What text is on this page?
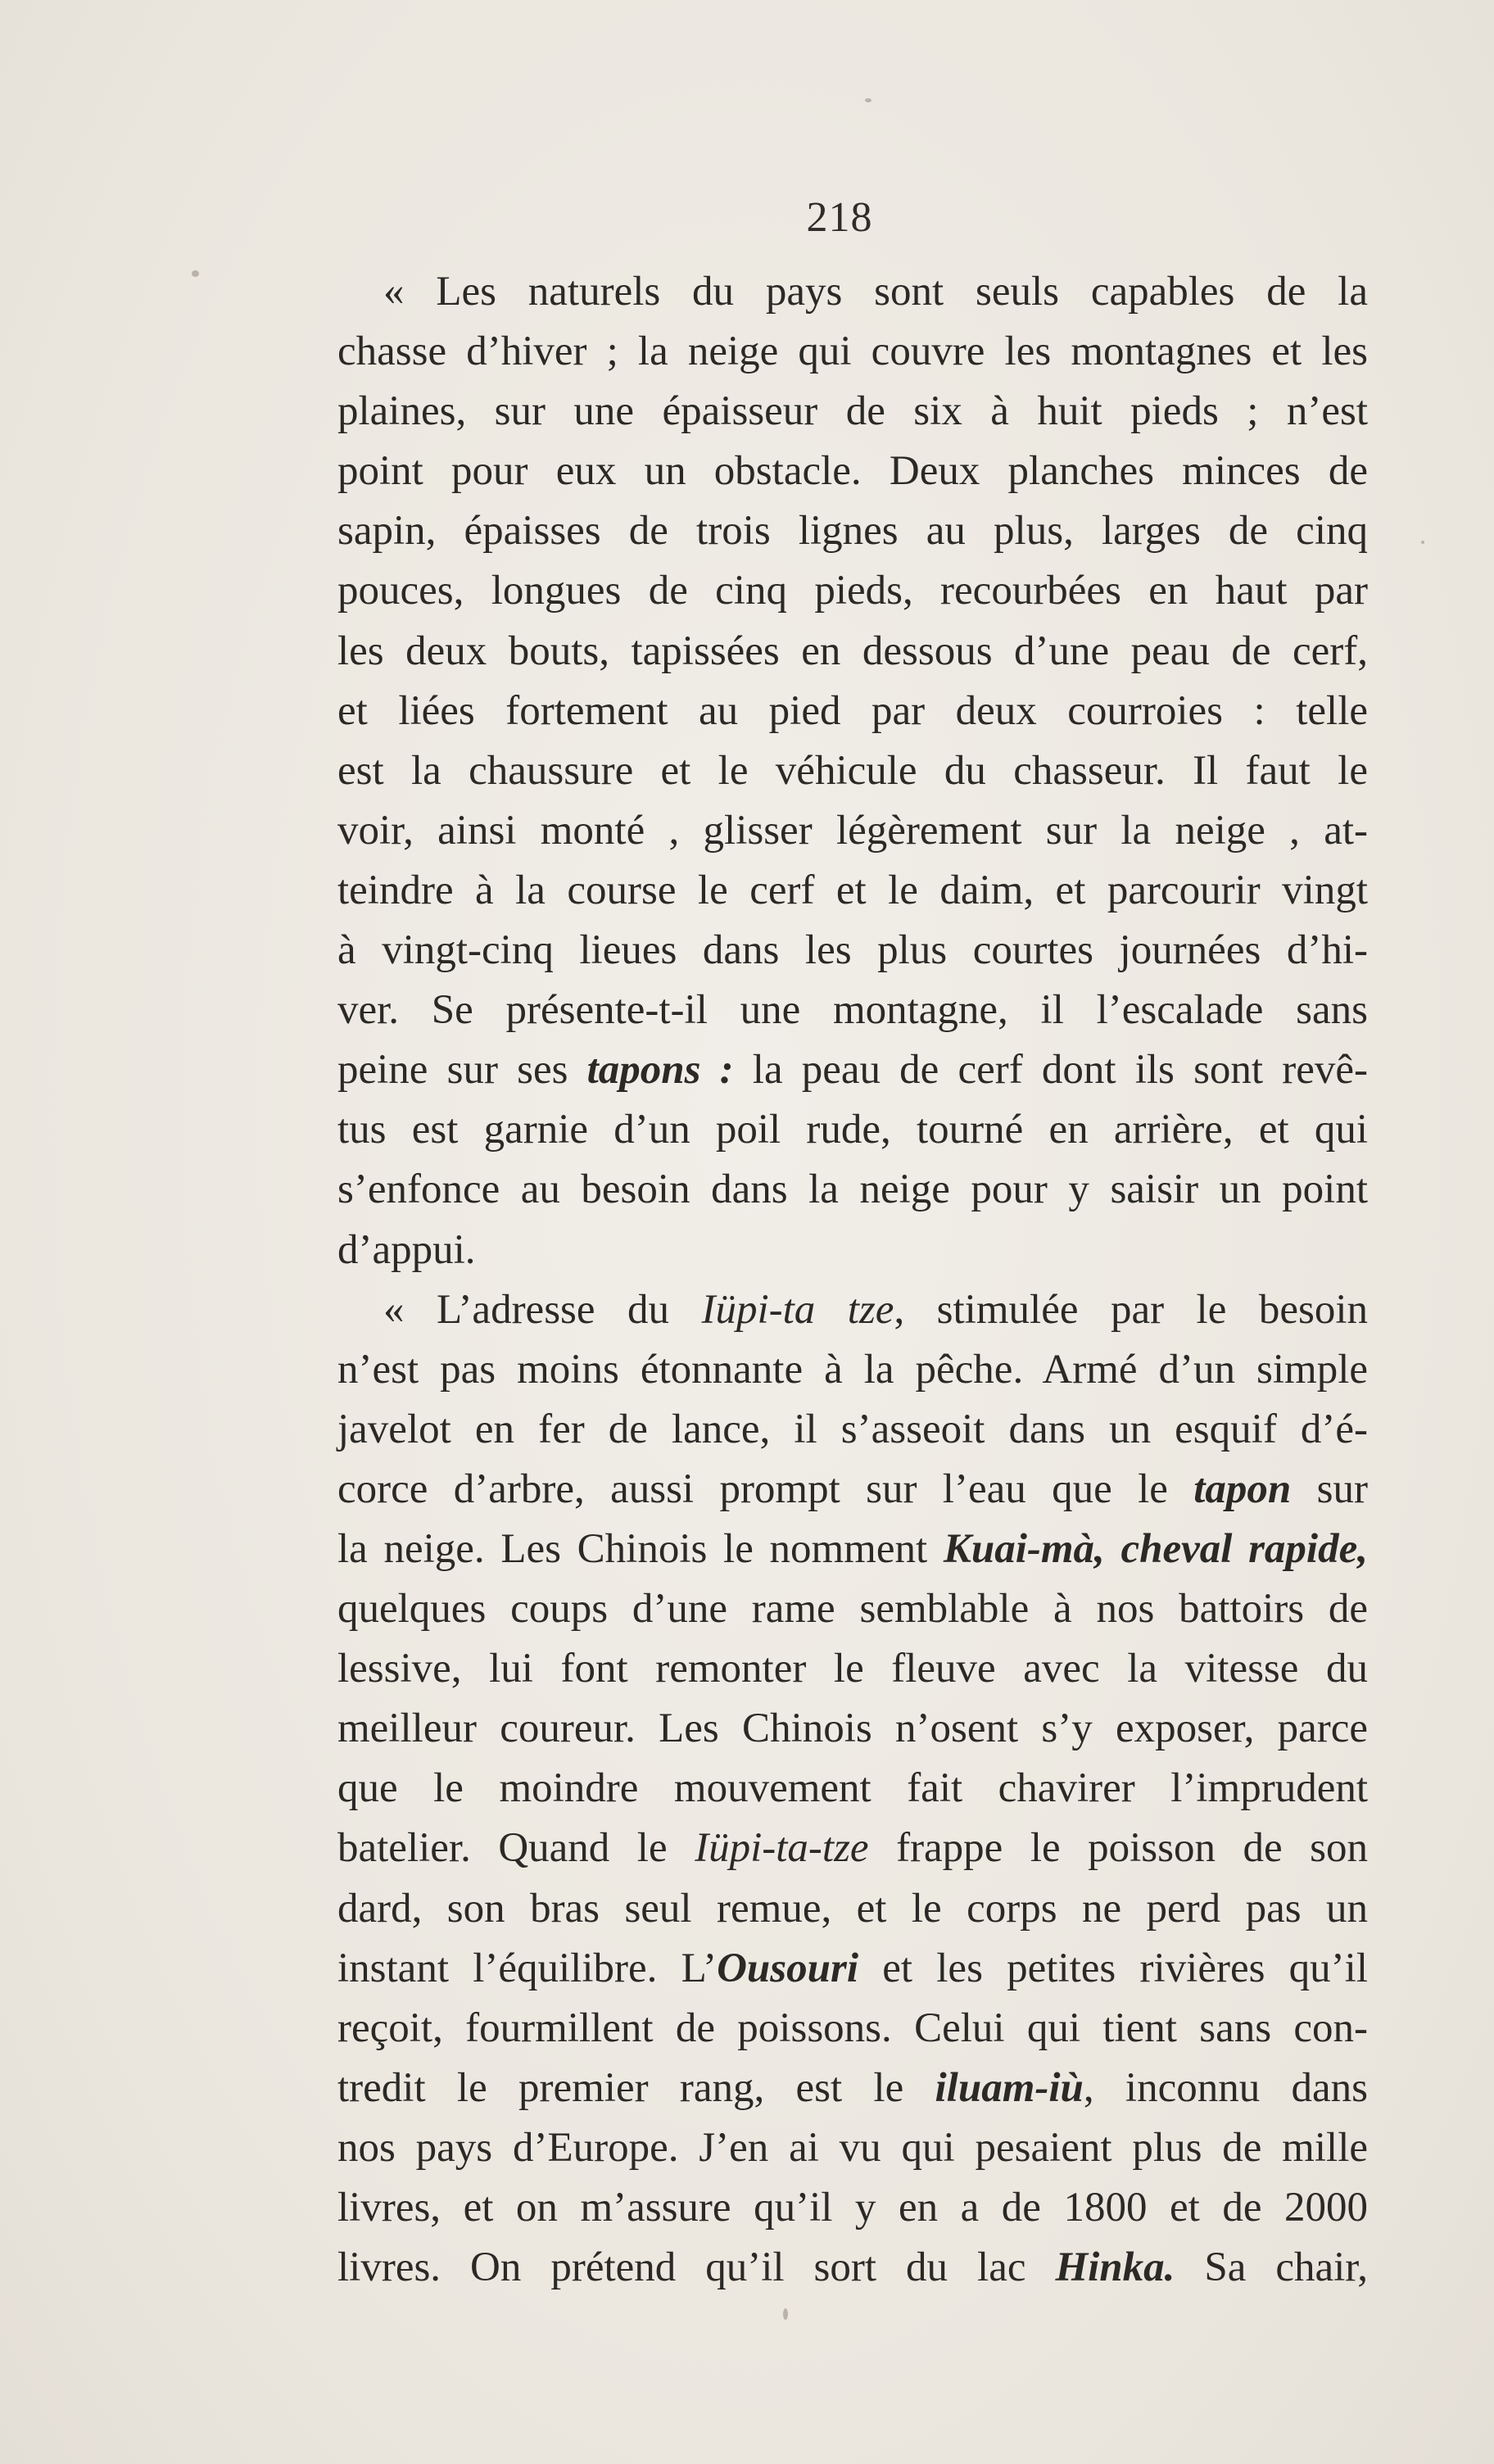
218
« Les naturels du pays sont seuls capables de la
chasse d’hiver ; la neige qui couvre les montagnes et les
plaines, sur une épaisseur de six à huit pieds ; n’est
point pour eux un obstacle. Deux planches minces de
sapin, épaisses de trois lignes au plus, larges de cinq
pouces, longues de cinq pieds, recourbées en haut par
les deux bouts, tapissées en dessous d’une peau de cerf,
et liées fortement au pied par deux courroies : telle
est la chaussure et le véhicule du chasseur. Il faut le
voir, ainsi monté , glisser légèrement sur la neige , at-
teindre à la course le cerf et le daim, et parcourir vingt
à vingt-cinq lieues dans les plus courtes journées d’hi-
ver. Se présente-t-il une montagne, il l’escalade sans
peine sur ses tapons : la peau de cerf dont ils sont revê-
tus est garnie d’un poil rude, tourné en arrière, et qui
s’enfonce au besoin dans la neige pour y saisir un point
d’appui.
« L’adresse du Iüpi-ta tze, stimulée par le besoin
n’est pas moins étonnante à la pêche. Armé d’un simple
javelot en fer de lance, il s’asseoit dans un esquif d’é-
corce d’arbre, aussi prompt sur l’eau que le tapon sur
la neige. Les Chinois le nomment Kuai-mà, cheval rapide,
quelques coups d’une rame semblable à nos battoirs de
lessive, lui font remonter le fleuve avec la vitesse du
meilleur coureur. Les Chinois n’osent s’y exposer, parce
que le moindre mouvement fait chavirer l’imprudent
batelier. Quand le Iüpi-ta-tze frappe le poisson de son
dard, son bras seul remue, et le corps ne perd pas un
instant l’équilibre. L’Ousouri et les petites rivières qu’il
reçoit, fourmillent de poissons. Celui qui tient sans con-
tredit le premier rang, est le iluam-iù, inconnu dans
nos pays d’Europe. J’en ai vu qui pesaient plus de mille
livres, et on m’assure qu’il y en a de 1800 et de 2000
livres. On prétend qu’il sort du lac Hinka. Sa chair,
